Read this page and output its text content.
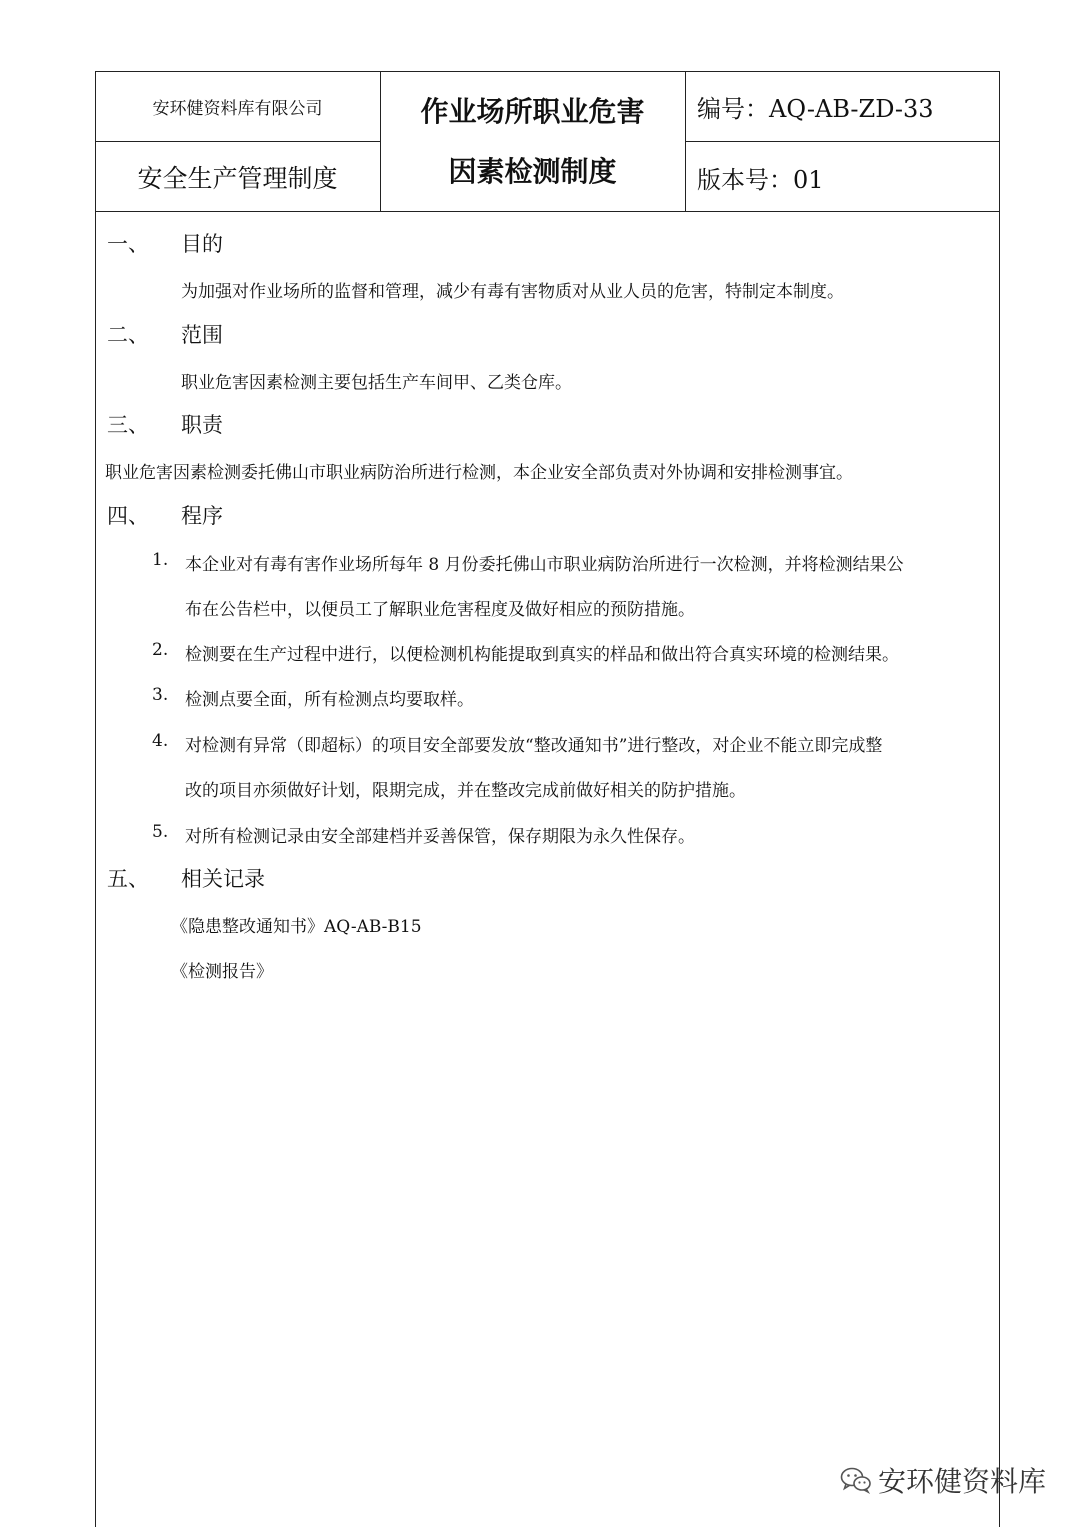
安环健资料库有限公司
安全生产管理制度
作业场所职业危害
因素检测制度
编号：AQ-AB-ZD-33
版本号：01
一、 目的
为加强对作业场所的监督和管理，减少有毒有害物质对从业人员的危害，特制定本制度。
二、 范围
职业危害因素检测主要包括生产车间甲、乙类仓库。
三、 职责
职业危害因素检测委托佛山市职业病防治所进行检测，本企业安全部负责对外协调和安排检测事宜。
四、 程序
1. 本企业对有毒有害作业场所每年 8 月份委托佛山市职业病防治所进行一次检测，并将检测结果公
布在公告栏中，以便员工了解职业危害程度及做好相应的预防措施。
2. 检测要在生产过程中进行，以便检测机构能提取到真实的样品和做出符合真实环境的检测结果。
3. 检测点要全面，所有检测点均要取样。
4. 对检测有异常（即超标）的项目安全部要发放“整改通知书”进行整改，对企业不能立即完成整
改的项目亦须做好计划，限期完成，并在整改完成前做好相关的防护措施。
5. 对所有检测记录由安全部建档并妥善保管，保存期限为永久性保存。
五、 相关记录
《隐患整改通知书》AQ-AB-B15
《检测报告》
安环健资料库
